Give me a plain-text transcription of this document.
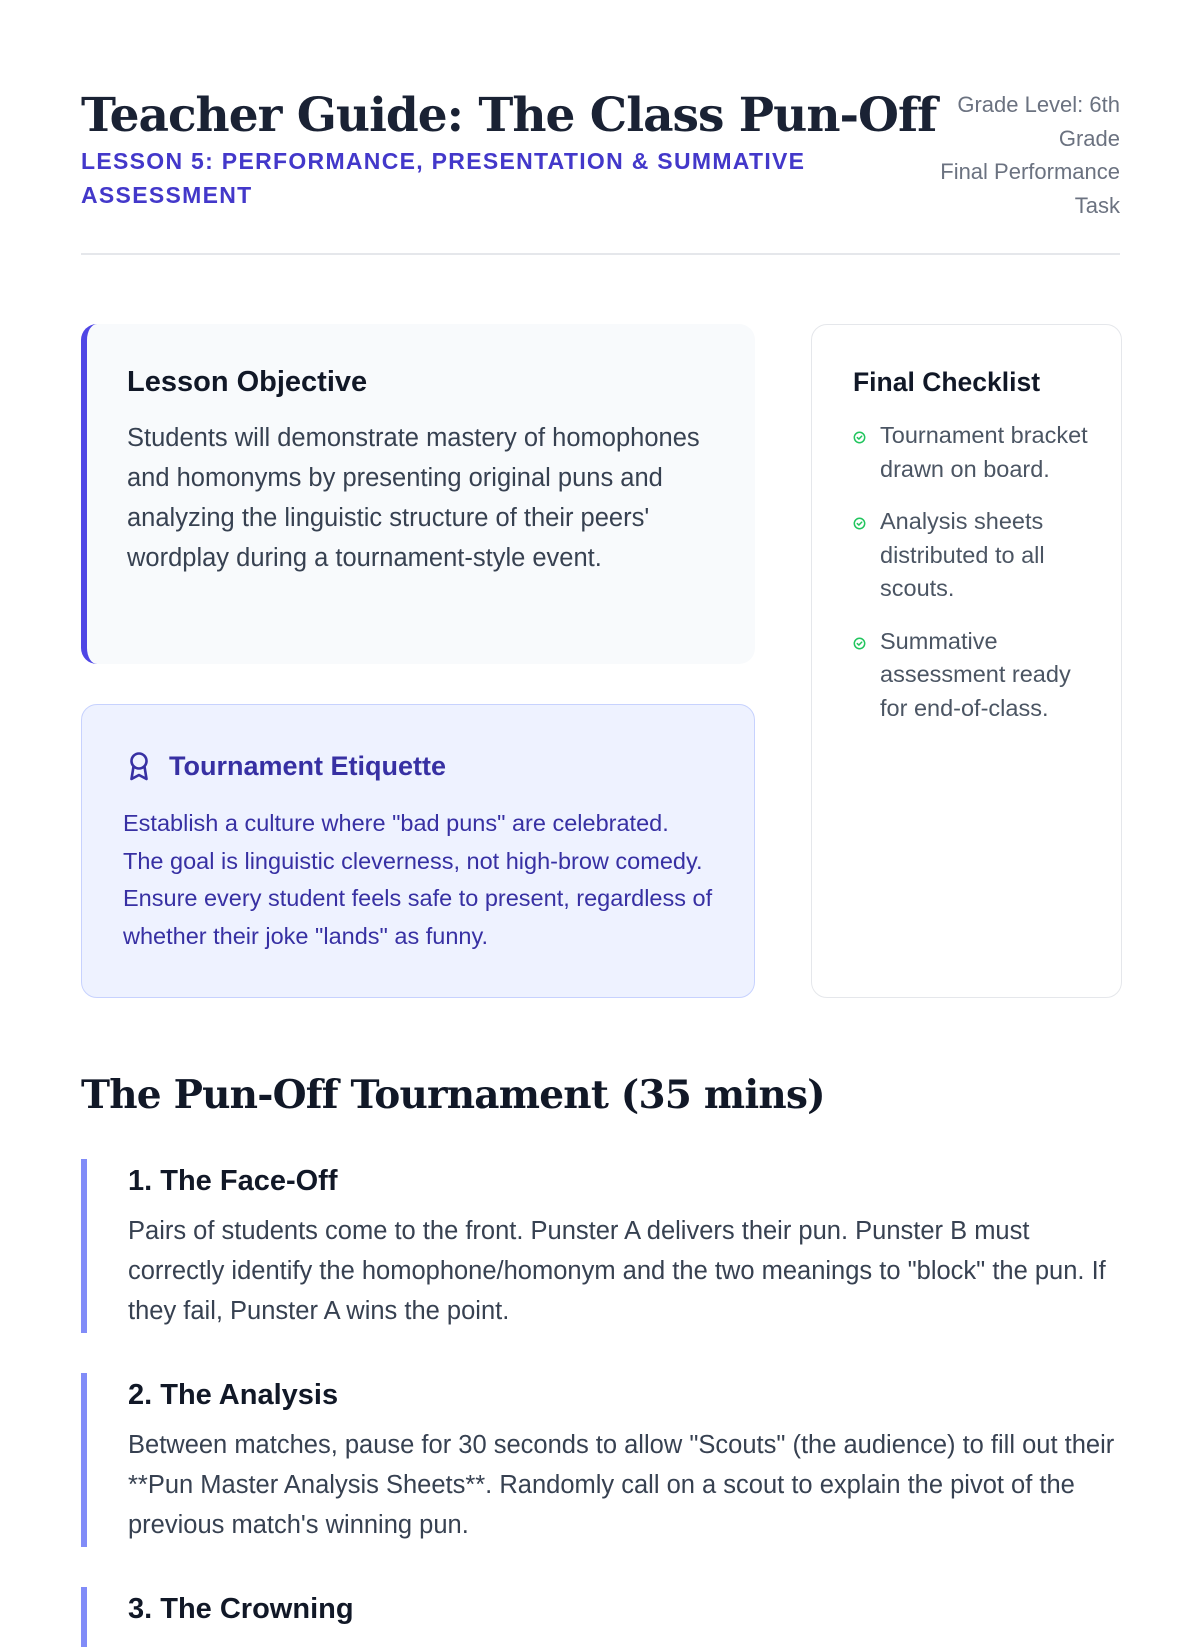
Teacher Guide: The Class Pun-Off
LESSON 5: PERFORMANCE, PRESENTATION & SUMMATIVE ASSESSMENT
Grade Level: 6th Grade
Final Performance Task
Lesson Objective

Students will demonstrate mastery of homophones and homonyms by presenting original puns and analyzing the linguistic structure of their peers' wordplay during a tournament-style event.

Tournament Etiquette

Establish a culture where "bad puns" are celebrated. The goal is linguistic cleverness, not high-brow comedy. Ensure every student feels safe to present, regardless of whether their joke "lands" as funny.

Final Checklist
Tournament bracket drawn on board.
Analysis sheets distributed to all scouts.
Summative assessment ready for end-of-class.
The Pun-Off Tournament (35 mins)
1. The Face-Off

Pairs of students come to the front. Punster A delivers their pun. Punster B must correctly identify the homophone/homonym and the two meanings to "block" the pun. If they fail, Punster A wins the point.

2. The Analysis

Between matches, pause for 30 seconds to allow "Scouts" (the audience) to fill out their **Pun Master Analysis Sheets**. Randomly call on a scout to explain the pivot of the previous match's winning pun.

3. The Crowning
